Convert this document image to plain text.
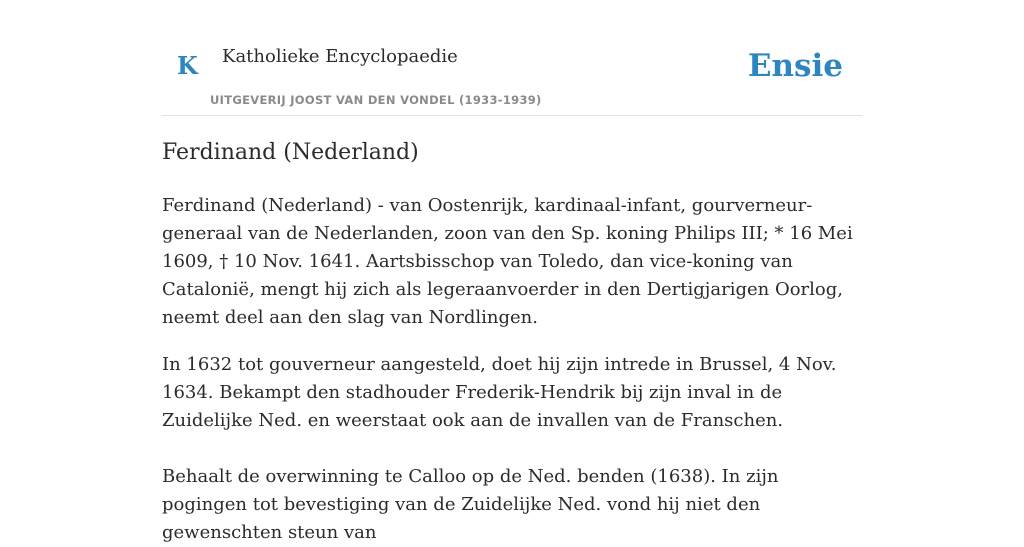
K Katholieke Encyclopaedie
UITGEVERIJ JOOST VAN DEN VONDEL (1933-1939)
Ensie
Ferdinand (Nederland)

Ferdinand (Nederland) - van Oostenrijk, kardinaal-infant, gourverneur-generaal van de Nederlanden, zoon van den Sp. koning Philips III; * 16 Mei 1609, † 10 Nov. 1641. Aartsbisschop van Toledo, dan vice-koning van Catalonië, mengt hij zich als legeraanvoerder in den Dertigjarigen Oorlog, neemt deel aan den slag van Nordlingen.

In 1632 tot gouverneur aangesteld, doet hij zijn intrede in Brussel, 4 Nov. 1634. Bekampt den stadhouder Frederik-Hendrik bij zijn inval in de Zuidelijke Ned. en weerstaat ook aan de invallen van de Franschen.

Behaalt de overwinning te Calloo op de Ned. benden (1638). In zijn pogingen tot bevestiging van de Zuidelijke Ned. vond hij niet den gewenschten steun van
